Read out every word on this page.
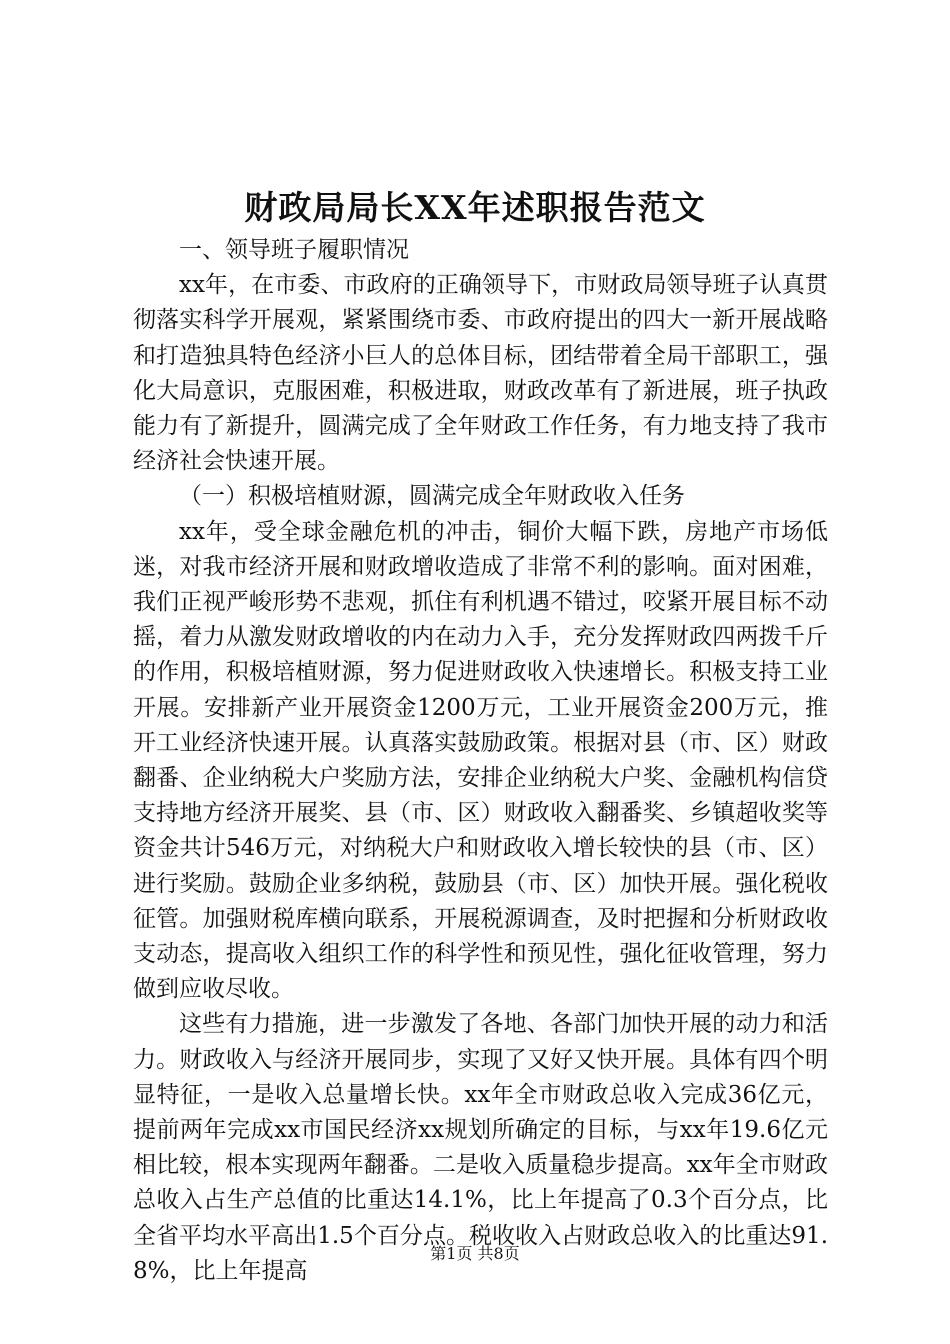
财政局局长XX年述职报告范文

一、领导班子履职情况

xx年，在市委、市政府的正确领导下，市财政局领导班子认真贯彻落实科学开展观，紧紧围绕市委、市政府提出的四大一新开展战略和打造独具特色经济小巨人的总体目标，团结带着全局干部职工，强化大局意识，克服困难，积极进取，财政改革有了新进展，班子执政能力有了新提升，圆满完成了全年财政工作任务，有力地支持了我市经济社会快速开展。

（一）积极培植财源，圆满完成全年财政收入任务

xx年，受全球金融危机的冲击，铜价大幅下跌，房地产市场低迷，对我市经济开展和财政增收造成了非常不利的影响。面对困难，我们正视严峻形势不悲观，抓住有利机遇不错过，咬紧开展目标不动摇，着力从激发财政增收的内在动力入手，充分发挥财政四两拨千斤的作用，积极培植财源，努力促进财政收入快速增长。积极支持工业开展。安排新产业开展资金1200万元，工业开展资金200万元，推开工业经济快速开展。认真落实鼓励政策。根据对县（市、区）财政翻番、企业纳税大户奖励方法，安排企业纳税大户奖、金融机构信贷支持地方经济开展奖、县（市、区）财政收入翻番奖、乡镇超收奖等资金共计546万元，对纳税大户和财政收入增长较快的县（市、区）进行奖励。鼓励企业多纳税，鼓励县（市、区）加快开展。强化税收征管。加强财税库横向联系，开展税源调查，及时把握和分析财政收支动态，提高收入组织工作的科学性和预见性，强化征收管理，努力做到应收尽收。

这些有力措施，进一步激发了各地、各部门加快开展的动力和活力。财政收入与经济开展同步，实现了又好又快开展。具体有四个明显特征，一是收入总量增长快。xx年全市财政总收入完成36亿元，提前两年完成xx市国民经济xx规划所确定的目标，与xx年19.6亿元相比较，根本实现两年翻番。二是收入质量稳步提高。xx年全市财政总收入占生产总值的比重达14.1%，比上年提高了0.3个百分点，比全省平均水平高出1.5个百分点。税收收入占财政总收入的比重达91.8%，比上年提高

第1页 共8页
